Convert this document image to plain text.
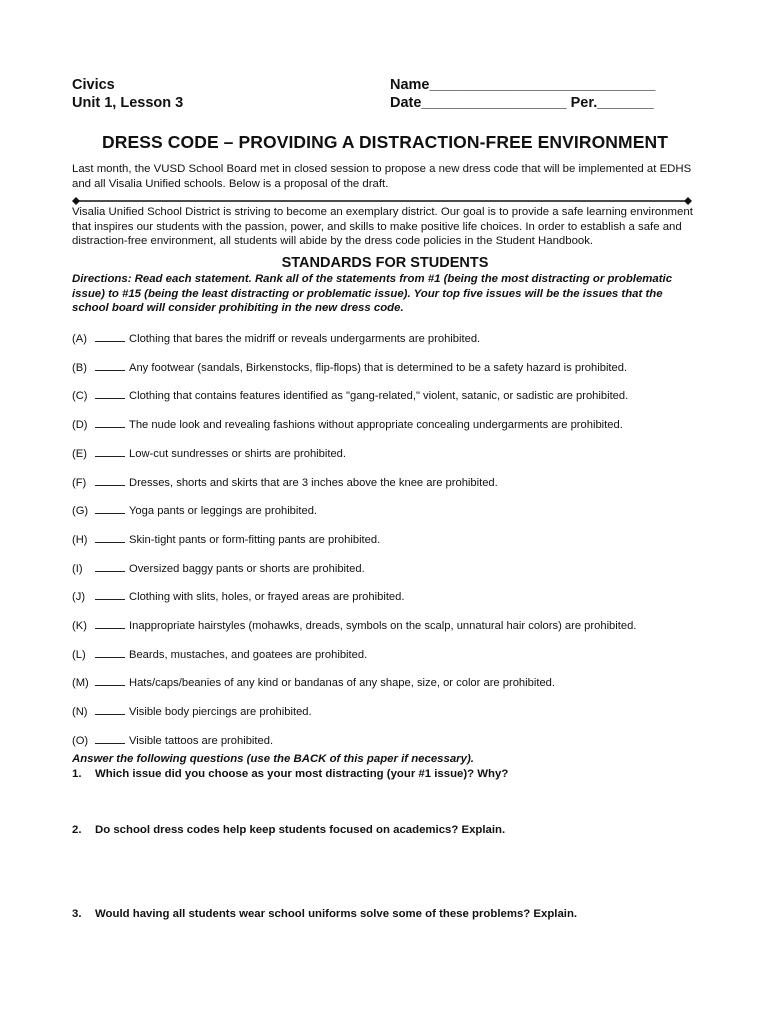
Civics
Unit 1, Lesson 3
Name____________________________
Date__________________ Per._______
DRESS CODE – PROVIDING A DISTRACTION-FREE ENVIRONMENT
Last month, the VUSD School Board met in closed session to propose a new dress code that will be implemented at EDHS and all Visalia Unified schools. Below is a proposal of the draft.
Visalia Unified School District is striving to become an exemplary district. Our goal is to provide a safe learning environment that inspires our students with the passion, power, and skills to make positive life choices. In order to establish a safe and distraction-free environment, all students will abide by the dress code policies in the Student Handbook.
STANDARDS FOR STUDENTS
Directions: Read each statement. Rank all of the statements from #1 (being the most distracting or problematic issue) to #15 (being the least distracting or problematic issue). Your top five issues will be the issues that the school board will consider prohibiting in the new dress code.
(A)	Clothing that bares the midriff or reveals undergarments are prohibited.
(B)	Any footwear (sandals, Birkenstocks, flip-flops) that is determined to be a safety hazard is prohibited.
(C)	Clothing that contains features identified as "gang-related," violent, satanic, or sadistic are prohibited.
(D)	The nude look and revealing fashions without appropriate concealing undergarments are prohibited.
(E)	Low-cut sundresses or shirts are prohibited.
(F)	Dresses, shorts and skirts that are 3 inches above the knee are prohibited.
(G)	Yoga pants or leggings are prohibited.
(H)	Skin-tight pants or form-fitting pants are prohibited.
(I)	Oversized baggy pants or shorts are prohibited.
(J)	Clothing with slits, holes, or frayed areas are prohibited.
(K)	Inappropriate hairstyles (mohawks, dreads, symbols on the scalp, unnatural hair colors) are prohibited.
(L)	Beards, mustaches, and goatees are prohibited.
(M)	Hats/caps/beanies of any kind or bandanas of any shape, size, or color are prohibited.
(N)	Visible body piercings are prohibited.
(O)	Visible tattoos are prohibited.
Answer the following questions (use the BACK of this paper if necessary).
1. Which issue did you choose as your most distracting (your #1 issue)? Why?
2. Do school dress codes help keep students focused on academics? Explain.
3. Would having all students wear school uniforms solve some of these problems? Explain.
